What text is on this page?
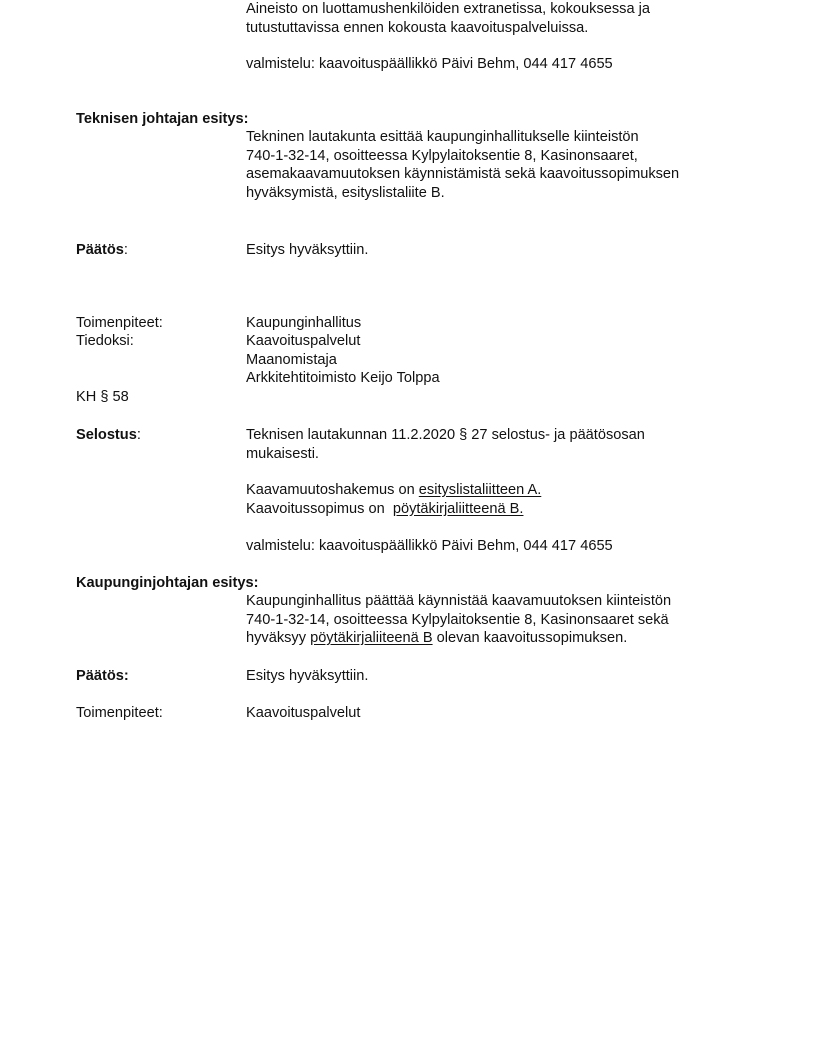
Aineisto on luottamushenkilöiden extranetissa, kokouksessa ja
tutustuttavissa ennen kokousta kaavoituspalveluissa.
valmistelu: kaavoituspäällikkö Päivi Behm, 044 417 4655
Teknisen johtajan esitys:
Tekninen lautakunta esittää kaupunginhallitukselle kiinteistön
740-1-32-14, osoitteessa Kylpylaitoksentie 8, Kasinonsaaret,
asemakaavamuutoksen käynnistämistä sekä kaavoitussopimuksen
hyväksymistä, esityslistaliite B.
Päätös:	Esitys hyväksyttiin.
Toimenpiteet:	Kaupunginhallitus
Tiedoksi:	Kaavoituspalvelut
Maanomistaja
Arkkitehtitoimisto Keijo Tolppa
KH § 58
Selostus:	Teknisen lautakunnan 11.2.2020 § 27 selostus- ja päätösosan
mukaisesti.
Kaavamuutoshakemus on esityslistaliitteen A.
Kaavoitussopimus on  pöytäkirjaliitteenä B.
valmistelu: kaavoituspäällikkö Päivi Behm, 044 417 4655
Kaupunginjohtajan esitys:
Kaupunginhallitus päättää käynnistää kaavamuutoksen kiinteistön
740-1-32-14, osoitteessa Kylpylaitoksentie 8, Kasinonsaaret sekä
hyväksyy pöytäkirjaliiteenä B olevan kaavoitussopimuksen.
Päätös:	Esitys hyväksyttiin.
Toimenpiteet:	Kaavoituspalvelut
